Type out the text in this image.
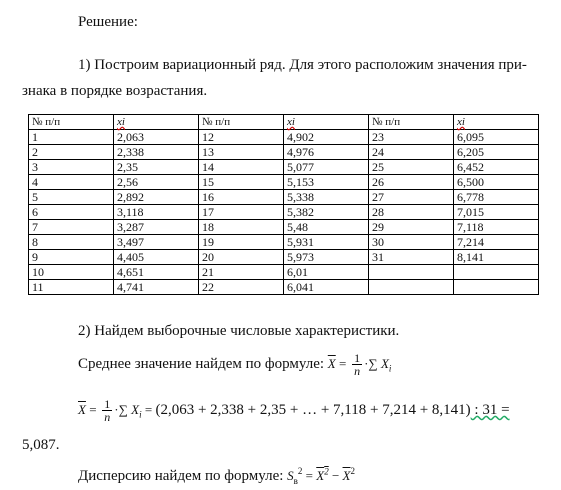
Решение:
1) Построим вариационный ряд. Для этого расположим значения при-
знака в порядке возрастания.
№ п/п	xi	№ п/п	xi	№ п/п	xi
1	2,063	12	4,902	23	6,095
2	2,338	13	4,976	24	6,205
3	2,35	14	5,077	25	6,452
4	2,56	15	5,153	26	6,500
5	2,892	16	5,338	27	6,778
6	3,118	17	5,382	28	7,015
7	3,287	18	5,48	29	7,118
8	3,497	19	5,931	30	7,214
9	4,405	20	5,973	31	8,141
10	4,651	21	6,01		
11	4,741	22	6,041		
2) Найдем выборочные числовые характеристики.
Среднее значение найдем по формуле: $\overline{X} = \frac{1}{n}$ ·∑ $X_i$
$\overline{X} = \frac{1}{n}$ ·∑ $X_i = (2,063 + 2,338 + 2,35$ + … + 7,118 + 7,214 + 8,141) : 31 =
5,087.
Дисперсию найдем по формуле: $S_в^2 = X^2 - \overline{X}^2$
